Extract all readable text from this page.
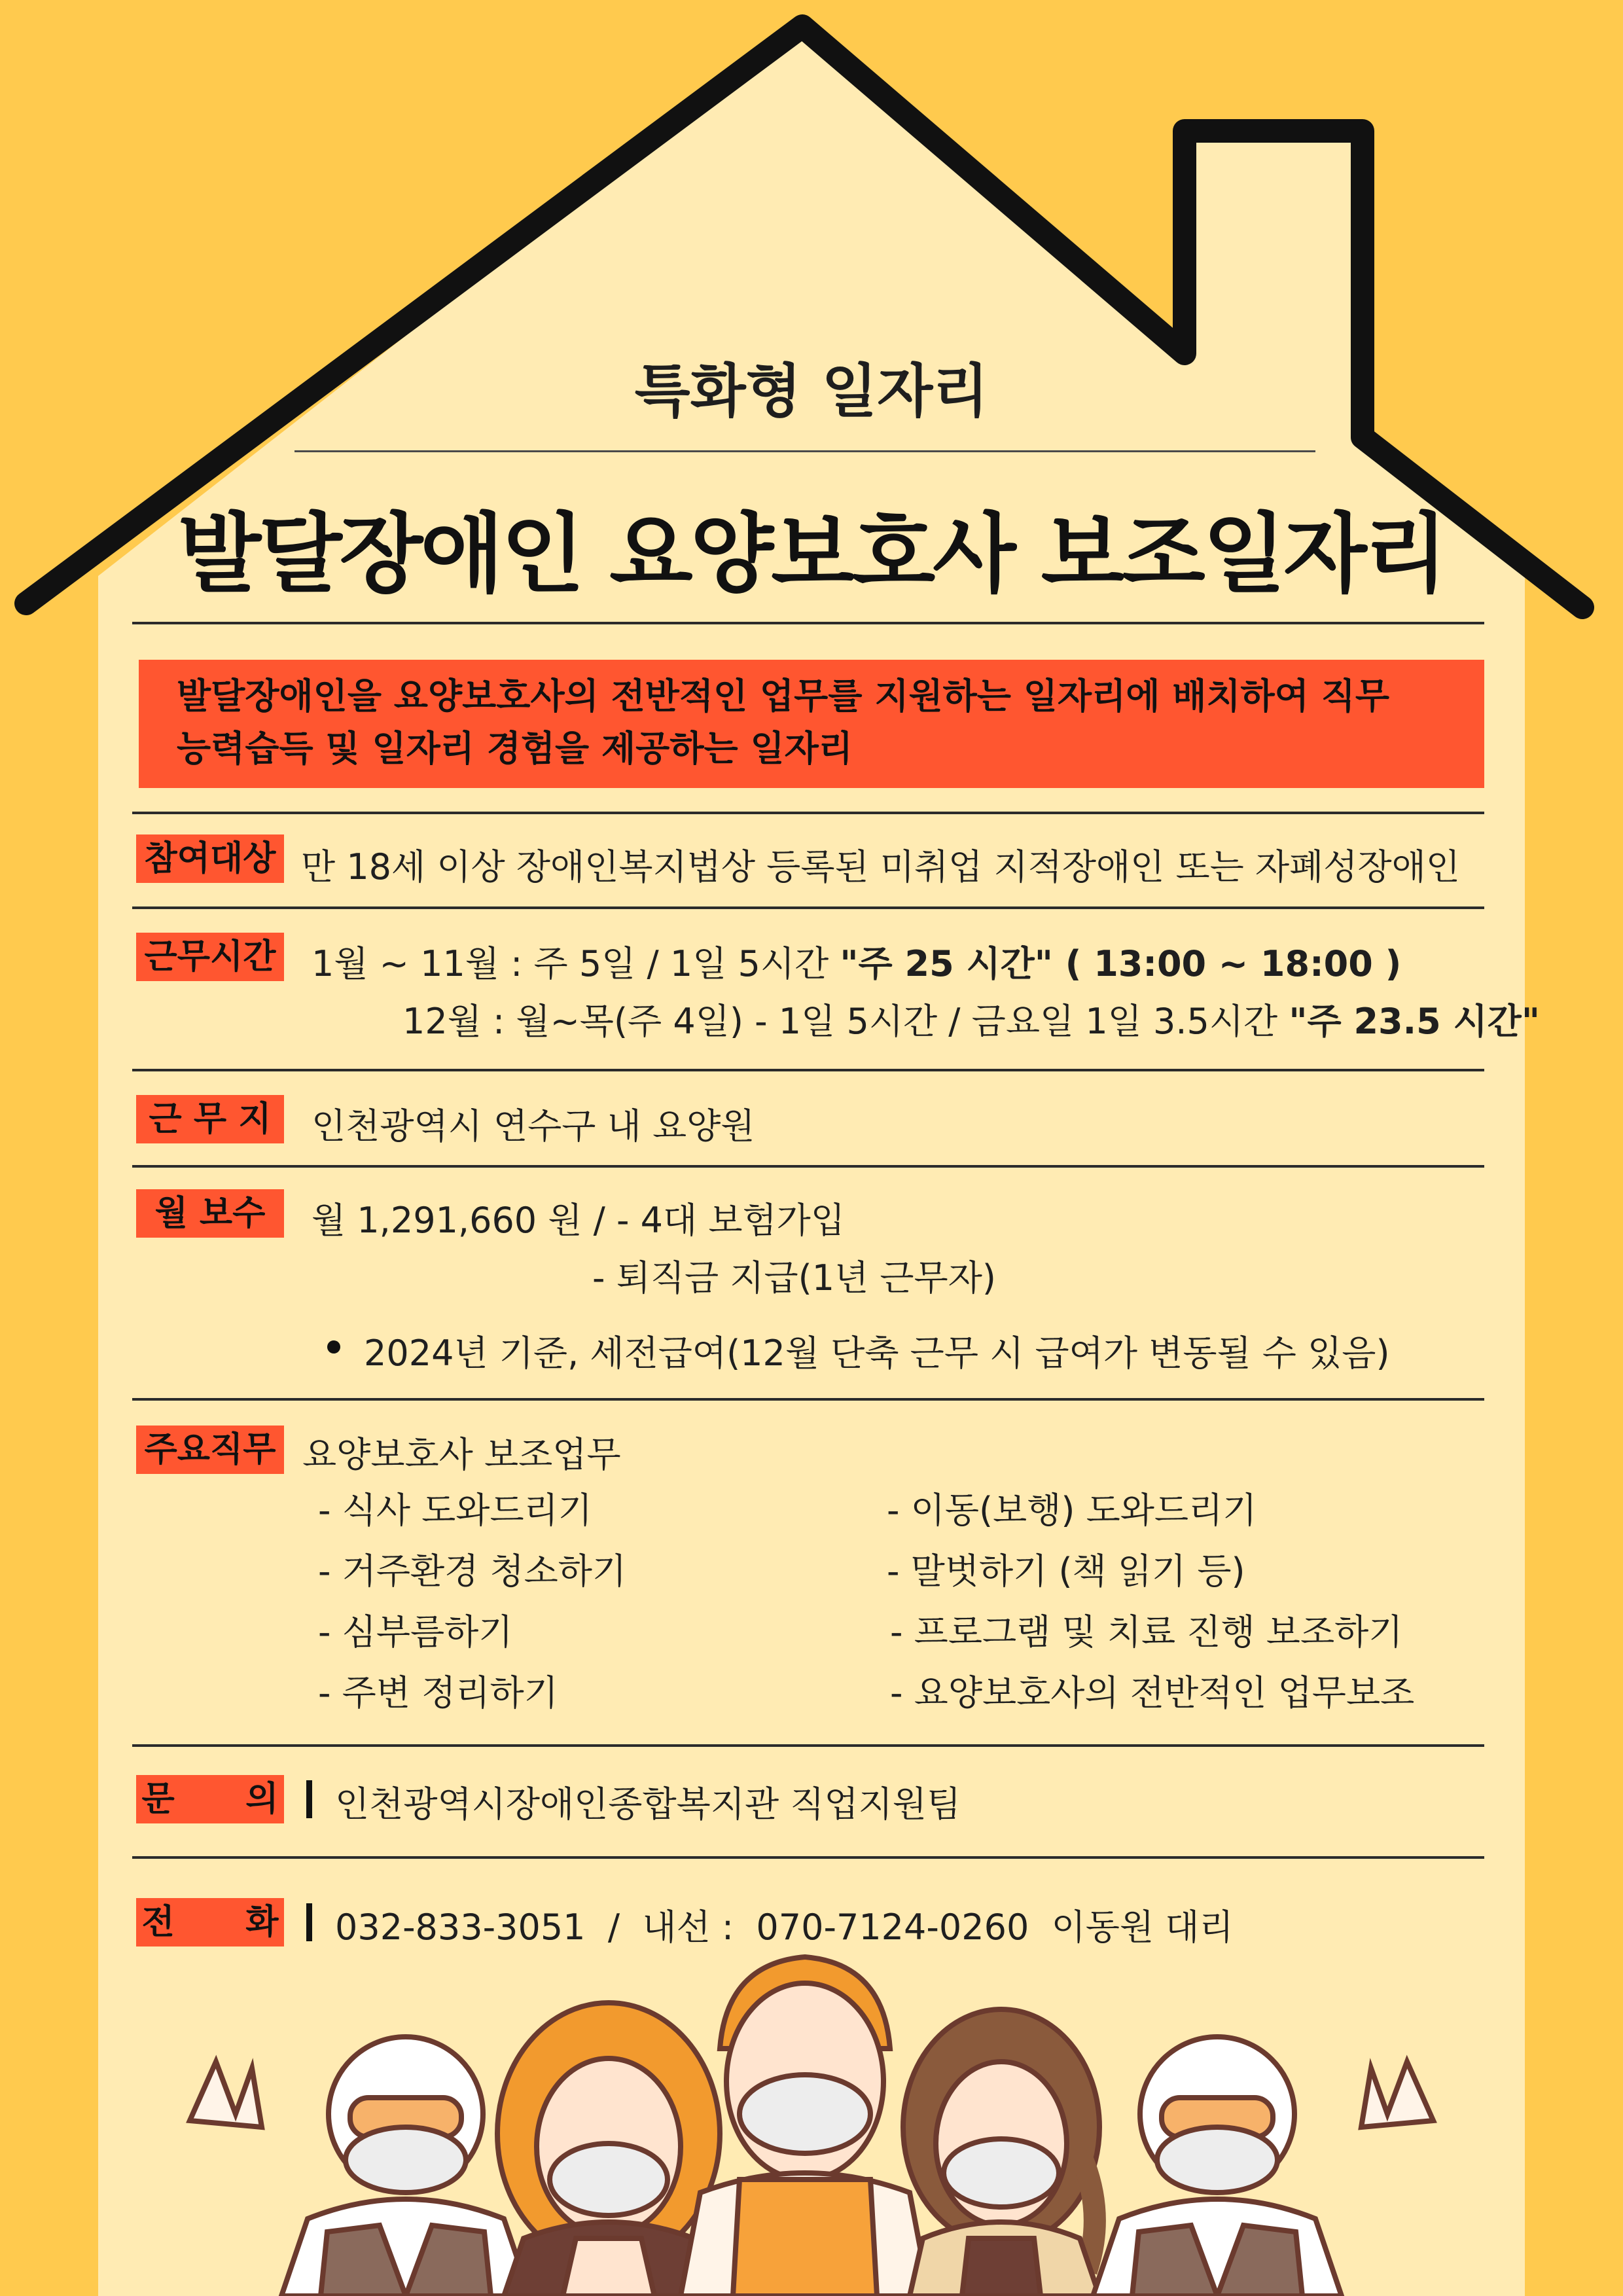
특화형 일자리
발달장애인 요양보호사 보조일자리
발달장애인을 요양보호사의 전반적인 업무를 지원하는 일자리에 배치하여 직무
능력습득 및 일자리 경험을 제공하는 일자리
참여대상 만 18세 이상 장애인복지법상 등록된 미취업 지적장애인 또는 자폐성장애인
근무시간 1월 ~ 11월 : 주 5일 / 1일 5시간 "주 25 시간" ( 13:00 ~ 18:00 )
12월 : 월~목(주 4일) - 1일 5시간 / 금요일 1일 3.5시간 "주 23.5 시간"
근 무 지	인천광역시 연수구 내 요양원
월 보수	월 1,291,660 원 / - 4대 보험가입
- 퇴직금 지급(1년 근무자)
2024년 기준, 세전급여(12월 단축 근무 시 급여가 변동될 수 있음)
주요직무 요양보호사 보조업무
- 식사 도와드리기
- 거주환경 청소하기
- 심부름하기
- 주변 정리하기
- 이동(보행) 도와드리기
- 말벗하기 (책 읽기 등)
- 프로그램 및 치료 진행 보조하기
- 요양보호사의 전반적인 업무보조
문      의 인천광역시장애인종합복지관 직업지원팀
전      화 032-833-3051  /  내선 :  070-7124-0260  이동원 대리
